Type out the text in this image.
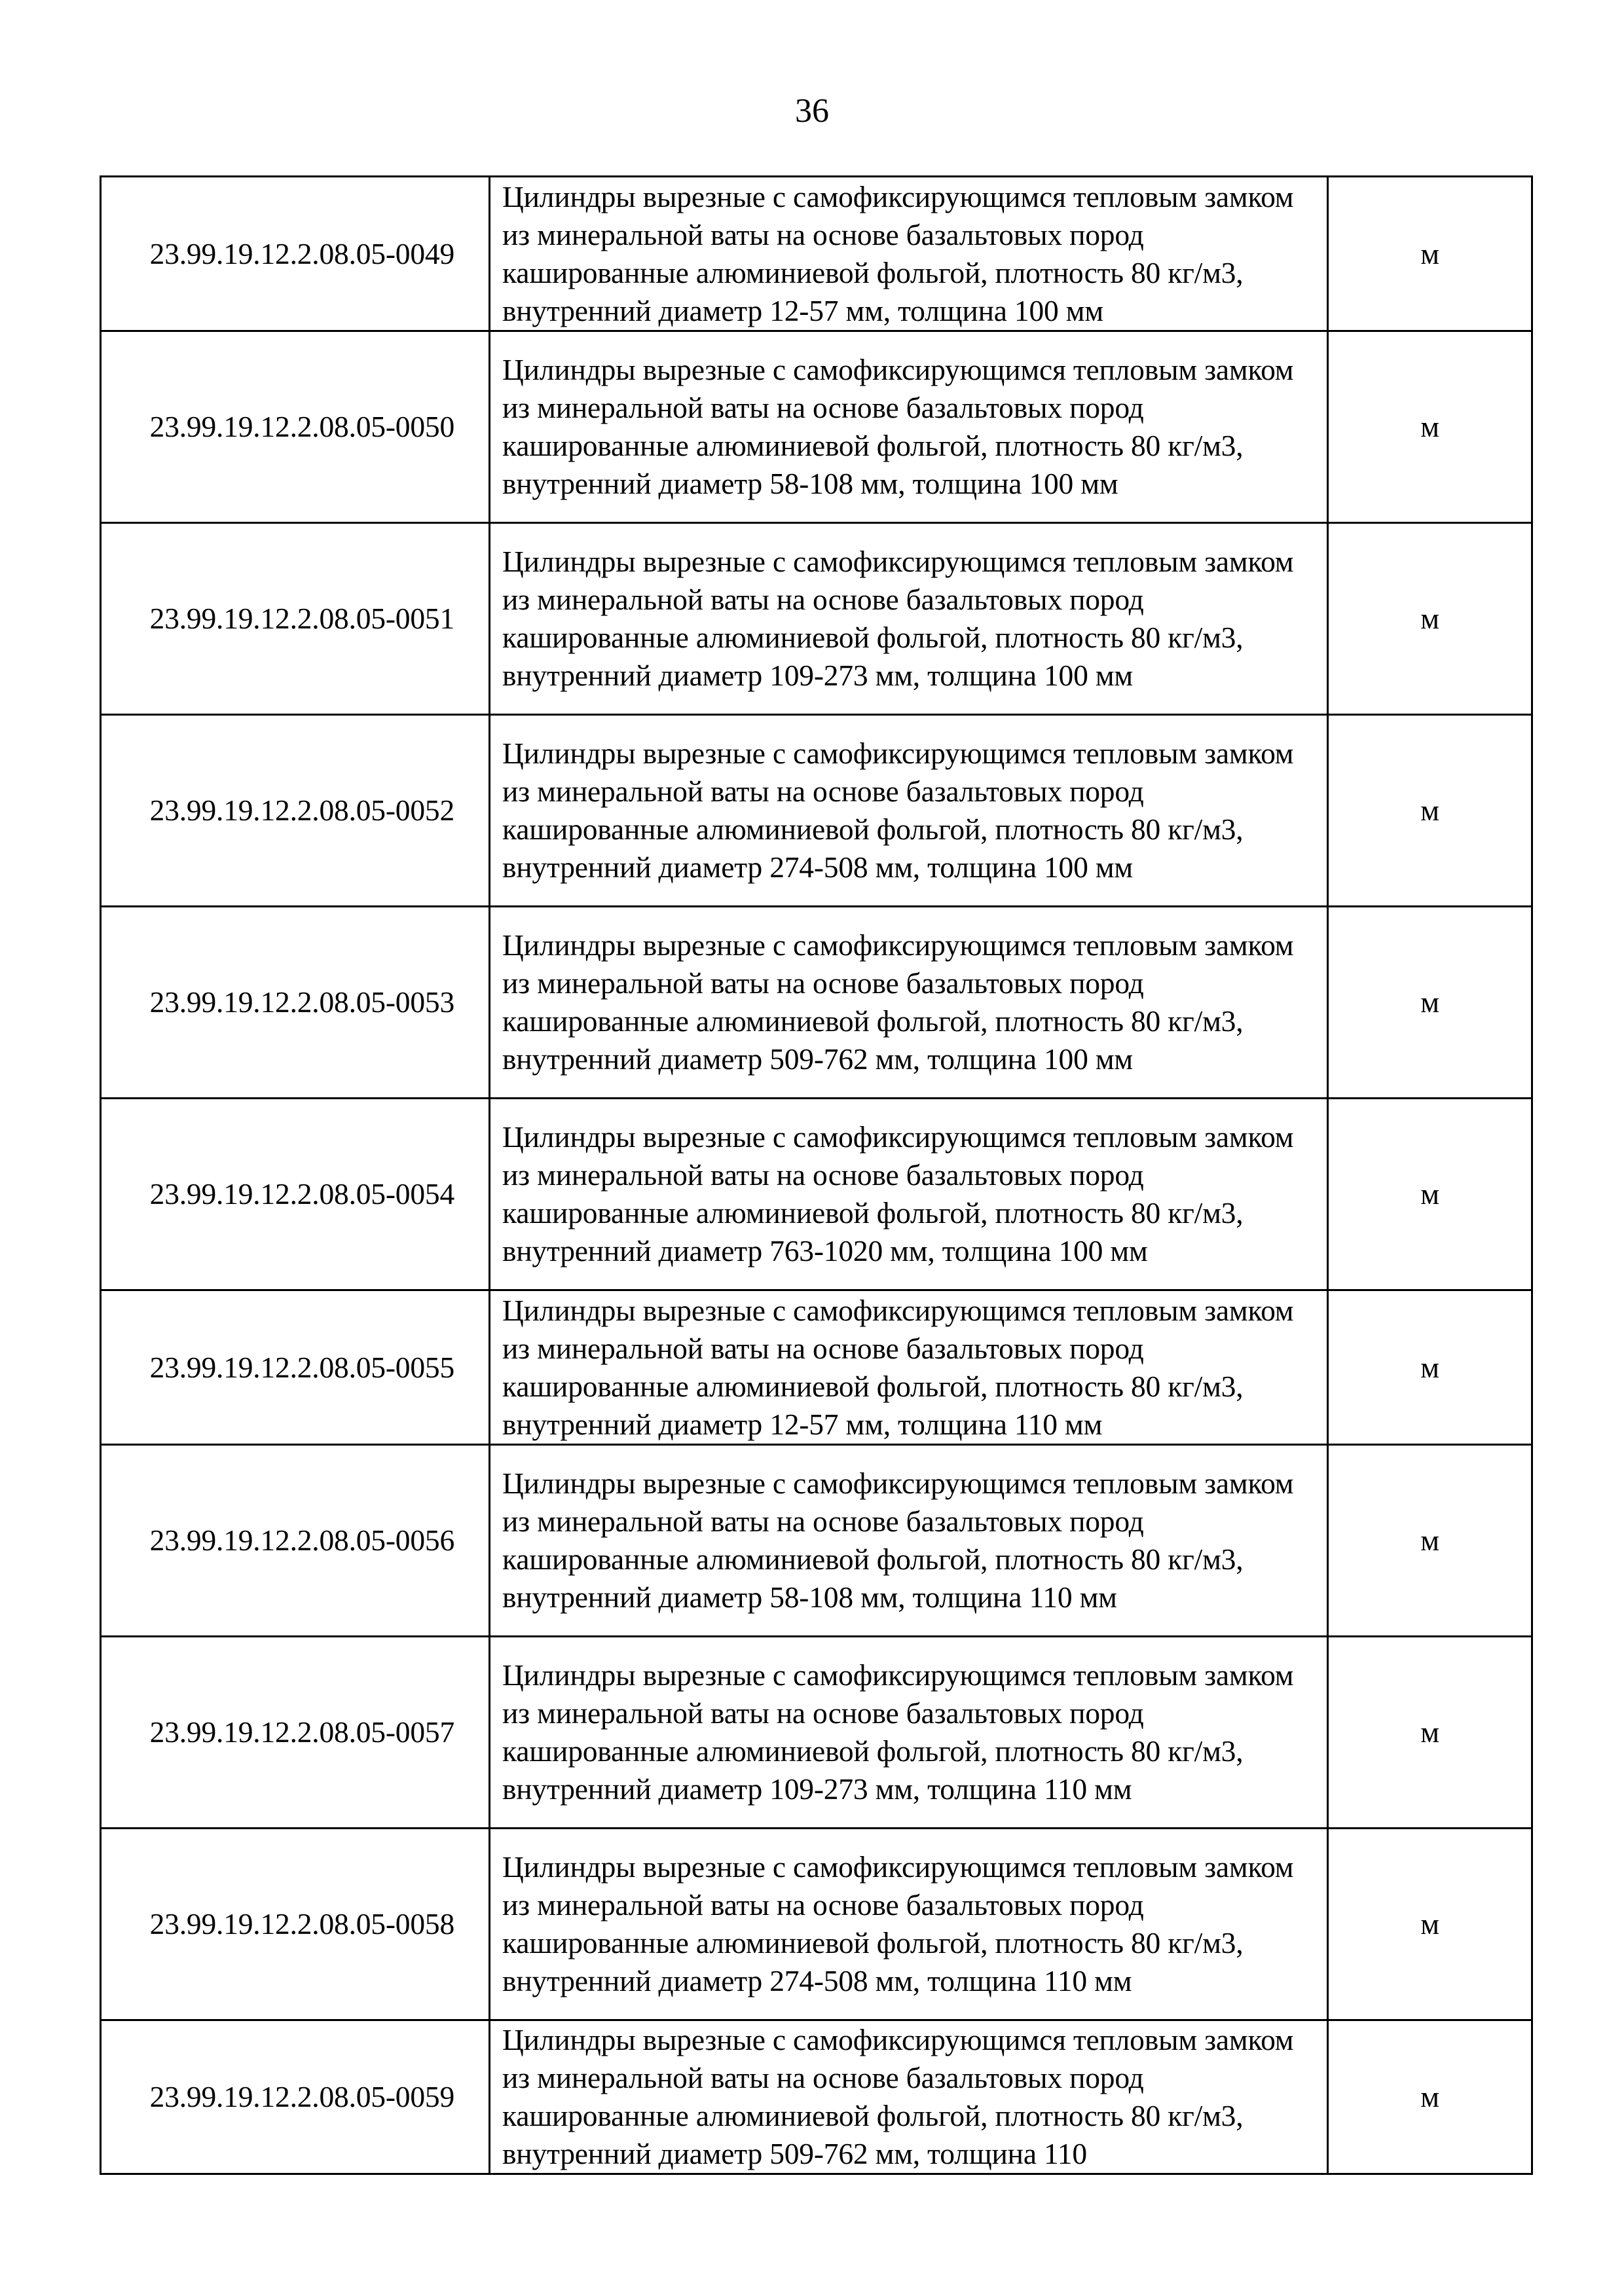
36
23.99.19.12.2.08.05-0049	Цилиндры вырезные с самофиксирующимся тепловым замком из минеральной ваты на основе базальтовых пород кашированные алюминиевой фольгой, плотность 80 кг/м3, внутренний диаметр 12-57 мм, толщина 100 мм	м
23.99.19.12.2.08.05-0050	Цилиндры вырезные с самофиксирующимся тепловым замком из минеральной ваты на основе базальтовых пород кашированные алюминиевой фольгой, плотность 80 кг/м3, внутренний диаметр 58-108 мм, толщина 100 мм	м
23.99.19.12.2.08.05-0051	Цилиндры вырезные с самофиксирующимся тепловым замком из минеральной ваты на основе базальтовых пород кашированные алюминиевой фольгой, плотность 80 кг/м3, внутренний диаметр 109-273 мм, толщина 100 мм	м
23.99.19.12.2.08.05-0052	Цилиндры вырезные с самофиксирующимся тепловым замком из минеральной ваты на основе базальтовых пород кашированные алюминиевой фольгой, плотность 80 кг/м3, внутренний диаметр 274-508 мм, толщина 100 мм	м
23.99.19.12.2.08.05-0053	Цилиндры вырезные с самофиксирующимся тепловым замком из минеральной ваты на основе базальтовых пород кашированные алюминиевой фольгой, плотность 80 кг/м3, внутренний диаметр 509-762 мм, толщина 100 мм	м
23.99.19.12.2.08.05-0054	Цилиндры вырезные с самофиксирующимся тепловым замком из минеральной ваты на основе базальтовых пород кашированные алюминиевой фольгой, плотность 80 кг/м3, внутренний диаметр 763-1020 мм, толщина 100 мм	м
23.99.19.12.2.08.05-0055	Цилиндры вырезные с самофиксирующимся тепловым замком из минеральной ваты на основе базальтовых пород кашированные алюминиевой фольгой, плотность 80 кг/м3, внутренний диаметр 12-57 мм, толщина 110 мм	м
23.99.19.12.2.08.05-0056	Цилиндры вырезные с самофиксирующимся тепловым замком из минеральной ваты на основе базальтовых пород кашированные алюминиевой фольгой, плотность 80 кг/м3, внутренний диаметр 58-108 мм, толщина 110 мм	м
23.99.19.12.2.08.05-0057	Цилиндры вырезные с самофиксирующимся тепловым замком из минеральной ваты на основе базальтовых пород кашированные алюминиевой фольгой, плотность 80 кг/м3, внутренний диаметр 109-273 мм, толщина 110 мм	м
23.99.19.12.2.08.05-0058	Цилиндры вырезные с самофиксирующимся тепловым замком из минеральной ваты на основе базальтовых пород кашированные алюминиевой фольгой, плотность 80 кг/м3, внутренний диаметр 274-508 мм, толщина 110 мм	м
23.99.19.12.2.08.05-0059	Цилиндры вырезные с самофиксирующимся тепловым замком из минеральной ваты на основе базальтовых пород кашированные алюминиевой фольгой, плотность 80 кг/м3, внутренний диаметр 509-762 мм, толщина 110	м
